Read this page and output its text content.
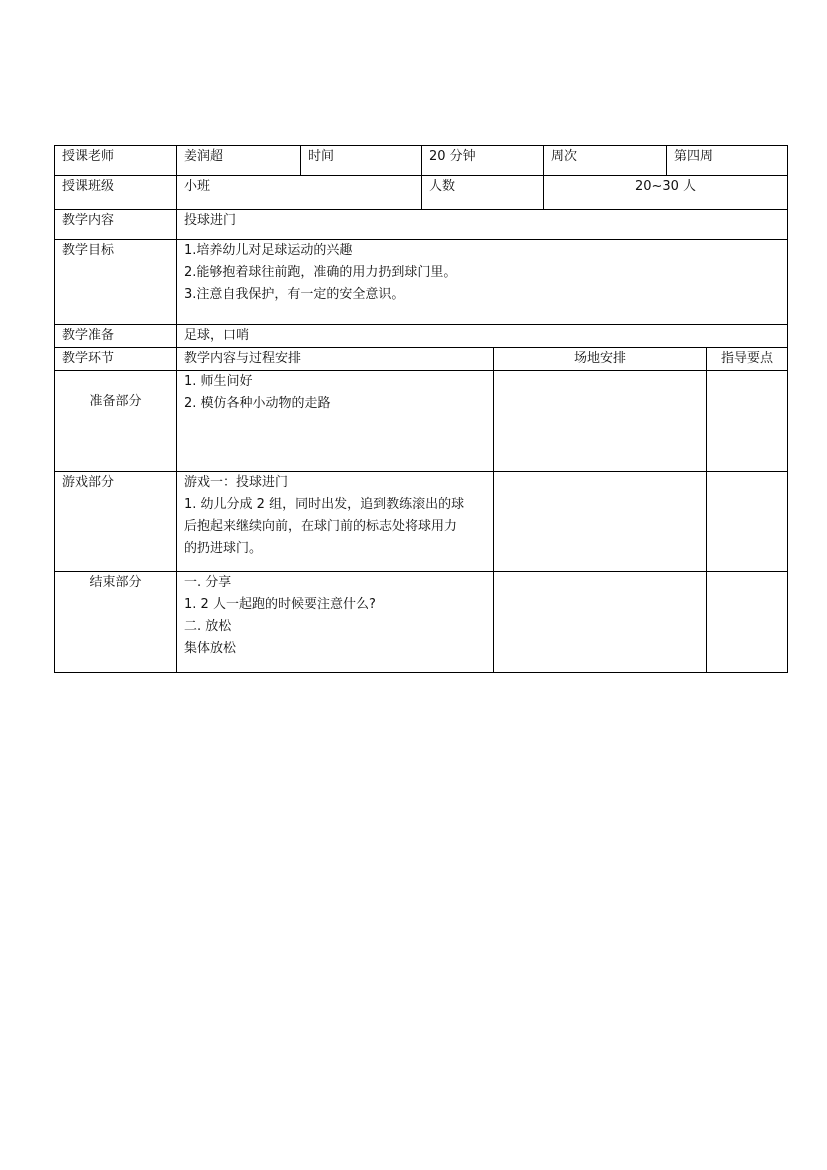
授课老师	姜润超	时间	20 分钟	周次	第四周
授课班级	小班		人数	20~30 人	
教学内容	投球进门				
教学目标	1.培养幼儿对足球运动的兴趣
2.能够抱着球往前跑，准确的用力扔到球门里。
3.注意自我保护，有一定的安全意识。				

教学准备	足球，口哨				
教学环节	教学内容与过程安排	场地安排	指导要点
准备部分	1. 师生问好
2. 模仿各种小动物的走路		

游戏部分	游戏一：投球进门
1. 幼儿分成 2 组，同时出发，追到教练滚出的球
后抱起来继续向前，在球门前的标志处将球用力
的扔进球门。		

结束部分	一. 分享
1. 2 人一起跑的时候要注意什么?
二. 放松
集体放松		
